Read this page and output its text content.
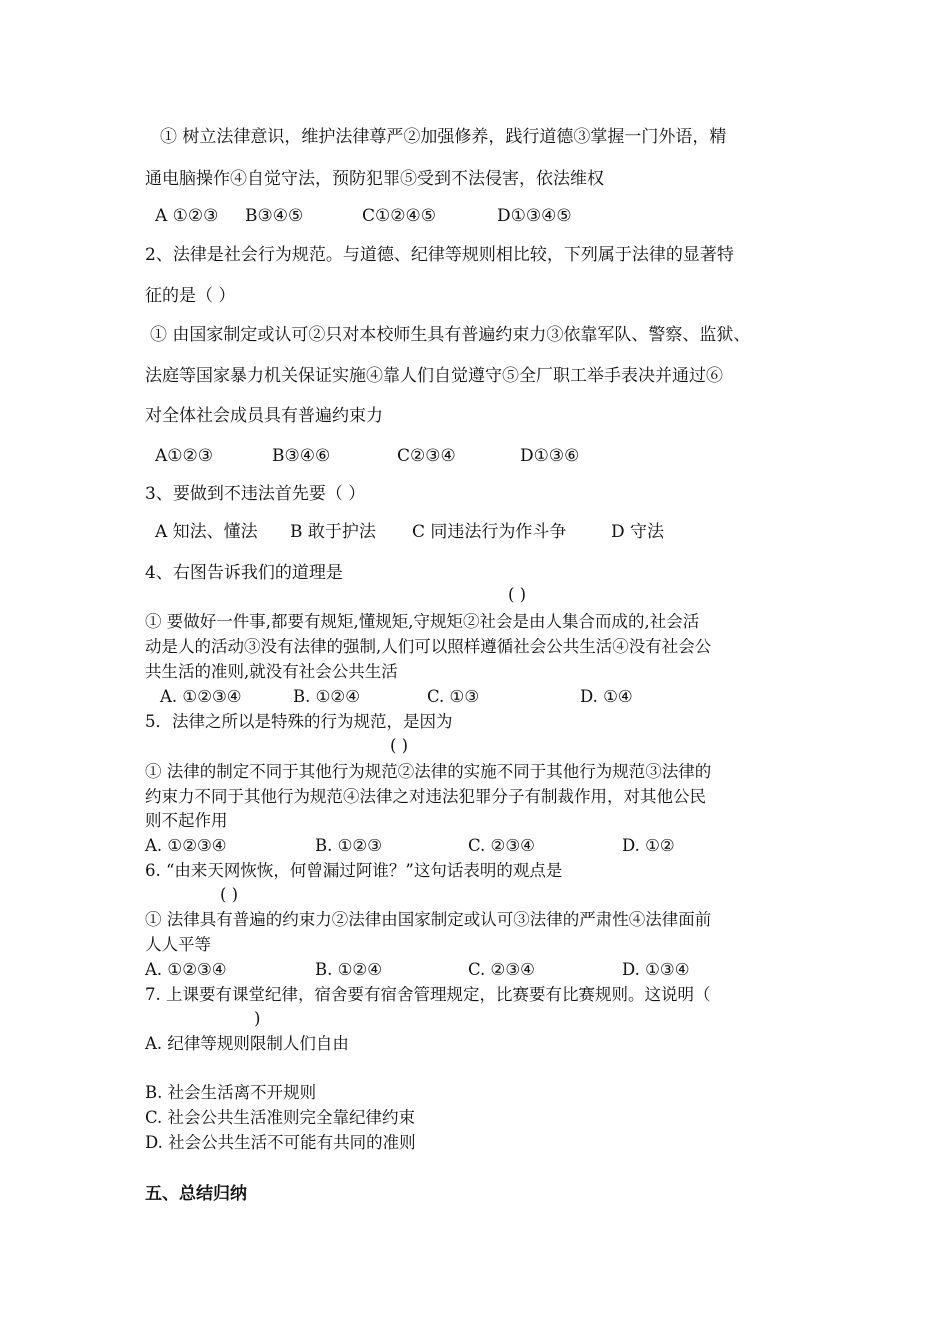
① 树立法律意识，维护法律尊严②加强修养，践行道德③掌握一门外语，精
通电脑操作④自觉守法，预防犯罪⑤受到不法侵害，依法维权
A ①②③ B③④⑤	C①②④⑤	D①③④⑤
2、法律是社会行为规范。与道德、纪律等规则相比较，下列属于法律的显著特
征的是（ ）
① 由国家制定或认可②只对本校师生具有普遍约束力③依靠军队、警察、监狱、
法庭等国家暴力机关保证实施④靠人们自觉遵守⑤全厂职工举手表决并通过⑥
对全体社会成员具有普遍约束力
A①②③	B③④⑥	C②③④	D①③⑥
3、要做到不违法首先要（ ）
A 知法、懂法 B 敢于护法 C 同违法行为作斗争	D 守法
4、右图告诉我们的道理是
( )
① 要做好一件事,都要有规矩,懂规矩,守规矩②社会是由人集合而成的,社会活
动是人的活动③没有法律的强制,人们可以照样遵循社会公共生活④没有社会公
共生活的准则,就没有社会公共生活
A. ①②③④	B. ①②④	C. ①③	D. ①④
5．法律之所以是特殊的行为规范，是因为
( )
① 法律的制定不同于其他行为规范②法律的实施不同于其他行为规范③法律的
约束力不同于其他行为规范④法律之对违法犯罪分子有制裁作用，对其他公民
则不起作用
A. ①②③④	B. ①②③	C. ②③④	D. ①②
6. “由来天网恢恢，何曾漏过阿谁？”这句话表明的观点是
( )
① 法律具有普遍的约束力②法律由国家制定或认可③法律的严肃性④法律面前
人人平等
A. ①②③④	B. ①②④	C. ②③④	D. ①③④
7. 上课要有课堂纪律，宿舍要有宿舍管理规定，比赛要有比赛规则。这说明（
)
A. 纪律等规则限制人们自由
B. 社会生活离不开规则
C. 社会公共生活准则完全靠纪律约束
D. 社会公共生活不可能有共同的准则
五、总结归纳
